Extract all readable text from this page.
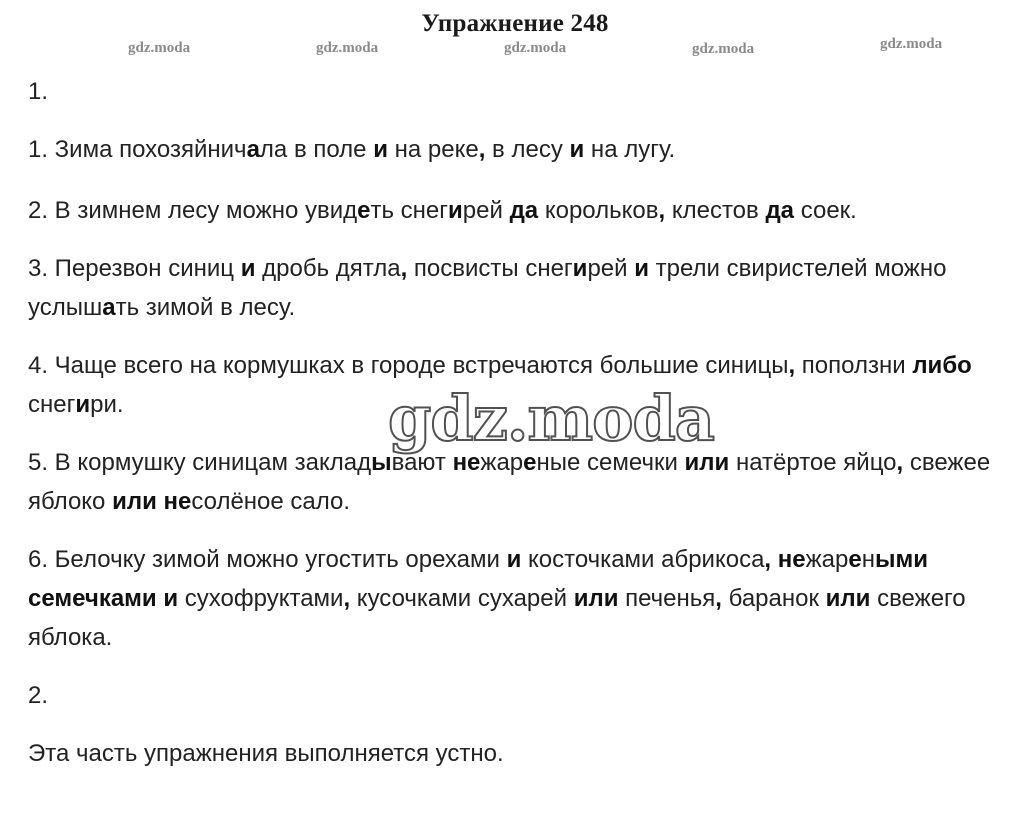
Упражнение 248
gdz.moda	gdz.moda	gdz.moda	gdz.moda	gdz.moda

1.

1. Зима похозяйничала в поле и на реке, в лесу и на лугу.

2. В зимнем лесу можно увидеть снегирей да корольков, клестов да соек.

3. Перезвон синиц и дробь дятла, посвисты снегирей и трели свиристелей можно услышать зимой в лесу.

4. Чаще всего на кормушках в городе встречаются большие синицы, поползни либо снегири.

5. В кормушку синицам закладывают нежареные семечки или натёртое яйцо, свежее яблоко или несолёное сало.

6. Белочку зимой можно угостить орехами и косточками абрикоса, нежареными семечками и сухофруктами, кусочками сухарей или печенья, баранок или свежего яблока.

2.

Эта часть упражнения выполняется устно.

gdz.moda
